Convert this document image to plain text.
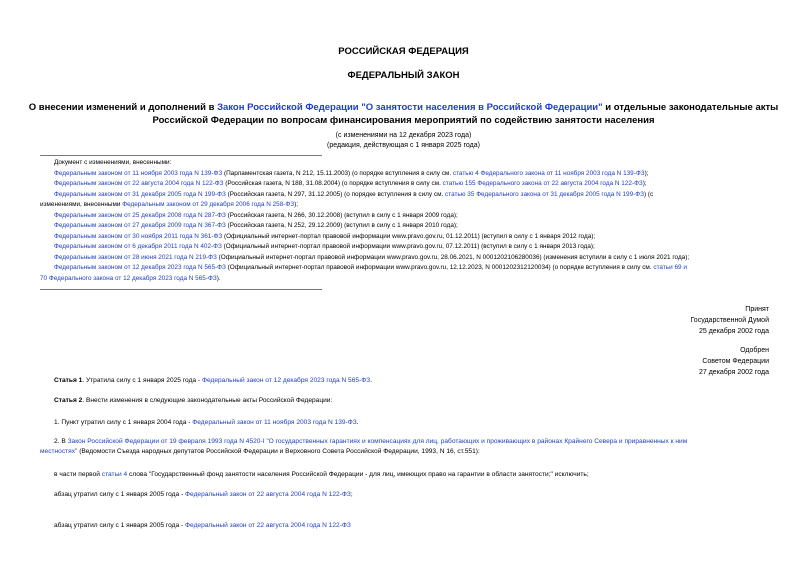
РОССИЙСКАЯ ФЕДЕРАЦИЯ
ФЕДЕРАЛЬНЫЙ ЗАКОН
О внесении изменений и дополнений в Закон Российской Федерации "О занятости населения в Российской Федерации" и отдельные законодательные акты
Российской Федерации по вопросам финансирования мероприятий по содействию занятости населения
(с изменениями на 12 декабря 2023 года)
(редакция, действующая с 1 января 2025 года)
Документ с изменениями, внесенными:
Федеральным законом от 11 ноября 2003 года N 139-ФЗ (Парламентская газета, N 212, 15.11.2003) (о порядке вступления в силу см. статью 4 Федерального закона от 11 ноября 2003 года N 139-ФЗ);
Федеральным законом от 22 августа 2004 года N 122-ФЗ (Российская газета, N 188, 31.08.2004) (о порядке вступления в силу см. статью 155 Федерального закона от 22 августа 2004 года N 122-ФЗ);
Федеральным законом от 31 декабря 2005 года N 199-ФЗ (Российская газета, N 297, 31.12.2005) (о порядке вступления в силу см. статью 35 Федерального закона от 31 декабря 2005 года N 199-ФЗ) (с
изменениями, внесенными Федеральным законом от 29 декабря 2006 года N 258-ФЗ);
Федеральным законом от 25 декабря 2008 года N 287-ФЗ (Российская газета, N 266, 30.12.2008) (вступил в силу с 1 января 2009 года);
Федеральным законом от 27 декабря 2009 года N 367-ФЗ (Российская газета, N 252, 29.12.2009) (вступил в силу с 1 января 2010 года);
Федеральным законом от 30 ноября 2011 года N 361-ФЗ (Официальный интернет-портал правовой информации www.pravo.gov.ru, 01.12.2011) (вступил в силу с 1 января 2012 года);
Федеральным законом от 6 декабря 2011 года N 402-ФЗ (Официальный интернет-портал правовой информации www.pravo.gov.ru, 07.12.2011) (вступил в силу с 1 января 2013 года);
Федеральным законом от 28 июня 2021 года N 219-ФЗ (Официальный интернет-портал правовой информации www.pravo.gov.ru, 28.06.2021, N 0001202106280036) (изменения вступили в силу с 1 июля 2021 года);
Федеральным законом от 12 декабря 2023 года N 565-ФЗ (Официальный интернет-портал правовой информации www.pravo.gov.ru, 12.12.2023, N 0001202312120034) (о порядке вступления в силу см. статьи 69 и
70 Федерального закона от 12 декабря 2023 года N 565-ФЗ).
Принят
Государственной Думой
25 декабря 2002 года
Одобрен
Советом Федерации
27 декабря 2002 года
Статья 1. Утратила силу с 1 января 2025 года - Федеральный закон от 12 декабря 2023 года N 565-ФЗ.
Статья 2. Внести изменения в следующие законодательные акты Российской Федерации:
1. Пункт утратил силу с 1 января 2004 года - Федеральный закон от 11 ноября 2003 года N 139-ФЗ.
2. В Закон Российской Федерации от 19 февраля 1993 года N 4520-I "О государственных гарантиях и компенсациях для лиц, работающих и проживающих в районах Крайнего Севера и приравненных к ним
местностях" (Ведомости Съезда народных депутатов Российской Федерации и Верховного Совета Российской Федерации, 1993, N 16, ст.551):
в части первой статьи 4 слова "Государственный фонд занятости населения Российской Федерации - для лиц, имеющих право на гарантии в области занятости;" исключить;
абзац утратил силу с 1 января 2005 года - Федеральный закон от 22 августа 2004 года N 122-ФЗ;
абзац утратил силу с 1 января 2005 года - Федеральный закон от 22 августа 2004 года N 122-ФЗ
